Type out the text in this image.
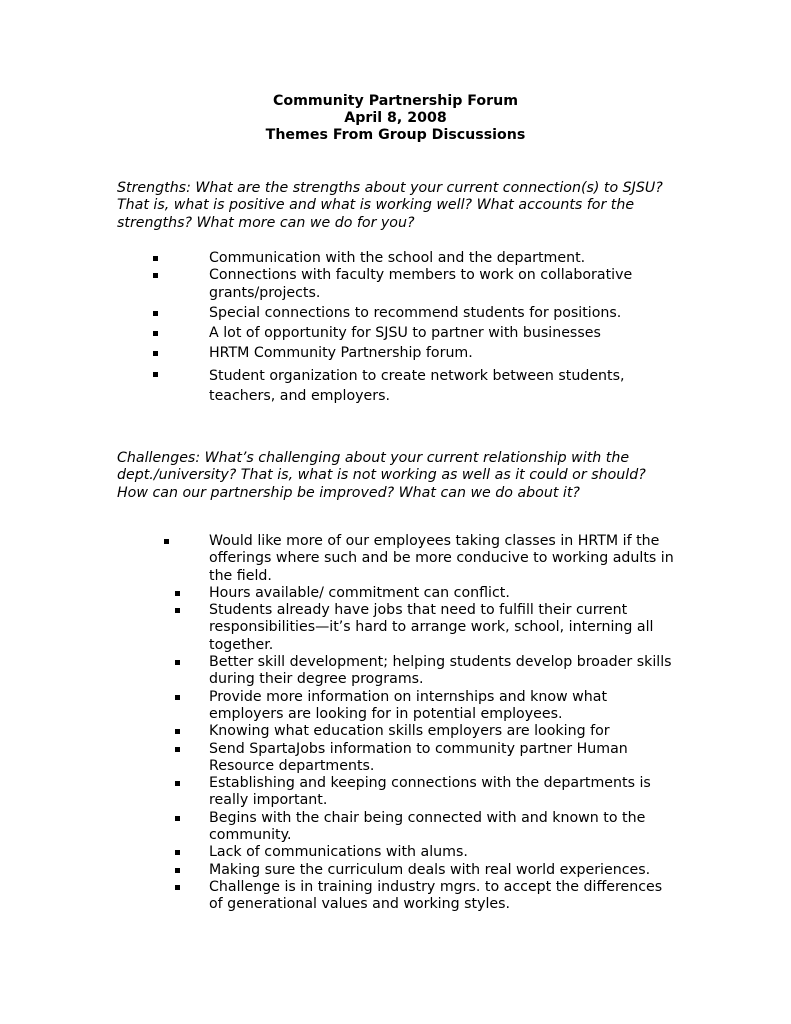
Community Partnership Forum
April 8, 2008
Themes From Group Discussions
Strengths: What are the strengths about your current connection(s) to SJSU?
That is, what is positive and what is working well? What accounts for the
strengths? What more can we do for you?
Communication with the school and the department.
Connections with faculty members to work on collaborative grants/projects.
Special connections to recommend students for positions.
A lot of opportunity for SJSU to partner with businesses
HRTM Community Partnership forum.
Student organization to create network between students, teachers, and employers.
Challenges: What’s challenging about your current relationship with the
dept./university? That is, what is not working as well as it could or should?
How can our partnership be improved? What can we do about it?
Would like more of our employees taking classes in HRTM if the offerings where such and be more conducive to working adults in the field.
Hours available/ commitment can conflict.
Students already have jobs that need to fulfill their current responsibilities—it’s hard to arrange work, school, interning all together.
Better skill development; helping students develop broader skills during their degree programs.
Provide more information on internships and know what employers are looking for in potential employees.
Knowing what education skills employers are looking for
Send SpartaJobs information to community partner Human Resource departments.
Establishing and keeping connections with the departments is really important.
Begins with the chair being connected with and known to the community.
Lack of communications with alums.
Making sure the curriculum deals with real world experiences.
Challenge is in training industry mgrs. to accept the differences of generational values and working styles.
